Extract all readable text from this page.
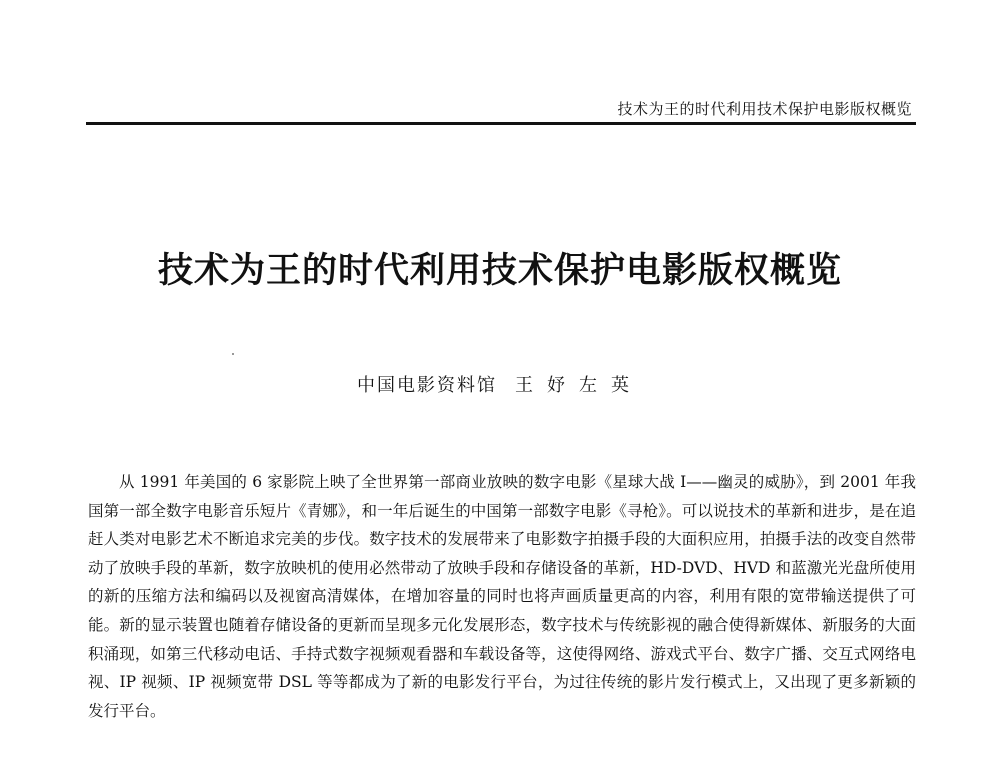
技术为王的时代利用技术保护电影版权概览
技术为王的时代利用技术保护电影版权概览
中国电影资料馆 王妤左英

从 1991 年美国的 6 家影院上映了全世界第一部商业放映的数字电影《星球大战 I——幽灵的威胁》，到 2001 年我国第一部全数字电影音乐短片《青娜》，和一年后诞生的中国第一部数字电影《寻枪》。可以说技术的革新和进步，是在追赶人类对电影艺术不断追求完美的步伐。数字技术的发展带来了电影数字拍摄手段的大面积应用，拍摄手法的改变自然带动了放映手段的革新，数字放映机的使用必然带动了放映手段和存储设备的革新，HD-DVD、HVD 和蓝激光光盘所使用的新的压缩方法和编码以及视窗高清媒体，在增加容量的同时也将声画质量更高的内容，利用有限的宽带输送提供了可能。新的显示装置也随着存储设备的更新而呈现多元化发展形态，数字技术与传统影视的融合使得新媒体、新服务的大面积涌现，如第三代移动电话、手持式数字视频观看器和车载设备等，这使得网络、游戏式平台、数字广播、交互式网络电视、IP 视频、IP 视频宽带 DSL 等等都成为了新的电影发行平台，为过往传统的影片发行模式上，又出现了更多新颖的发行平台。
